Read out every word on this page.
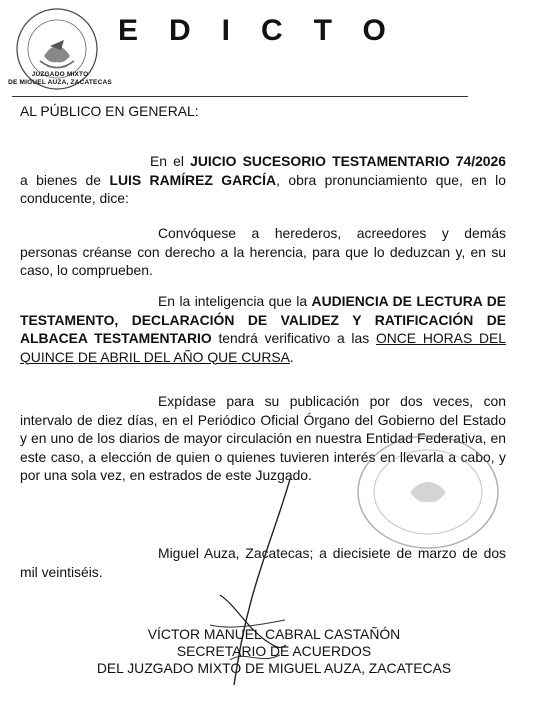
JUZGADO MIXTO
DE MIGUEL AUZA, ZACATECAS
EDICTO

AL PÚBLICO EN GENERAL:

En el JUICIO SUCESORIO TESTAMENTARIO 74/2026 a bienes de LUIS RAMÍREZ GARCÍA, obra pronunciamiento que, en lo conducente, dice:

Convóquese a herederos, acreedores y demás personas créanse con derecho a la herencia, para que lo deduzcan y, en su caso, lo comprueben.

En la inteligencia que la AUDIENCIA DE LECTURA DE TESTAMENTO, DECLARACIÓN DE VALIDEZ Y RATIFICACIÓN DE ALBACEA TESTAMENTARIO tendrá verificativo a las ONCE HORAS DEL QUINCE DE ABRIL DEL AÑO QUE CURSA.

Expídase para su publicación por dos veces, con intervalo de diez días, en el Periódico Oficial Órgano del Gobierno del Estado y en uno de los diarios de mayor circulación en nuestra Entidad Federativa, en este caso, a elección de quien o quienes tuvieren interés en llevarla a cabo, y por una sola vez, en estrados de este Juzgado.

Miguel Auza, Zacatecas; a diecisiete de marzo de dos mil veintiséis.

VÍCTOR MANUEL CABRAL CASTAÑÓN
SECRETARIO DE ACUERDOS
DEL JUZGADO MIXTO DE MIGUEL AUZA, ZACATECAS
